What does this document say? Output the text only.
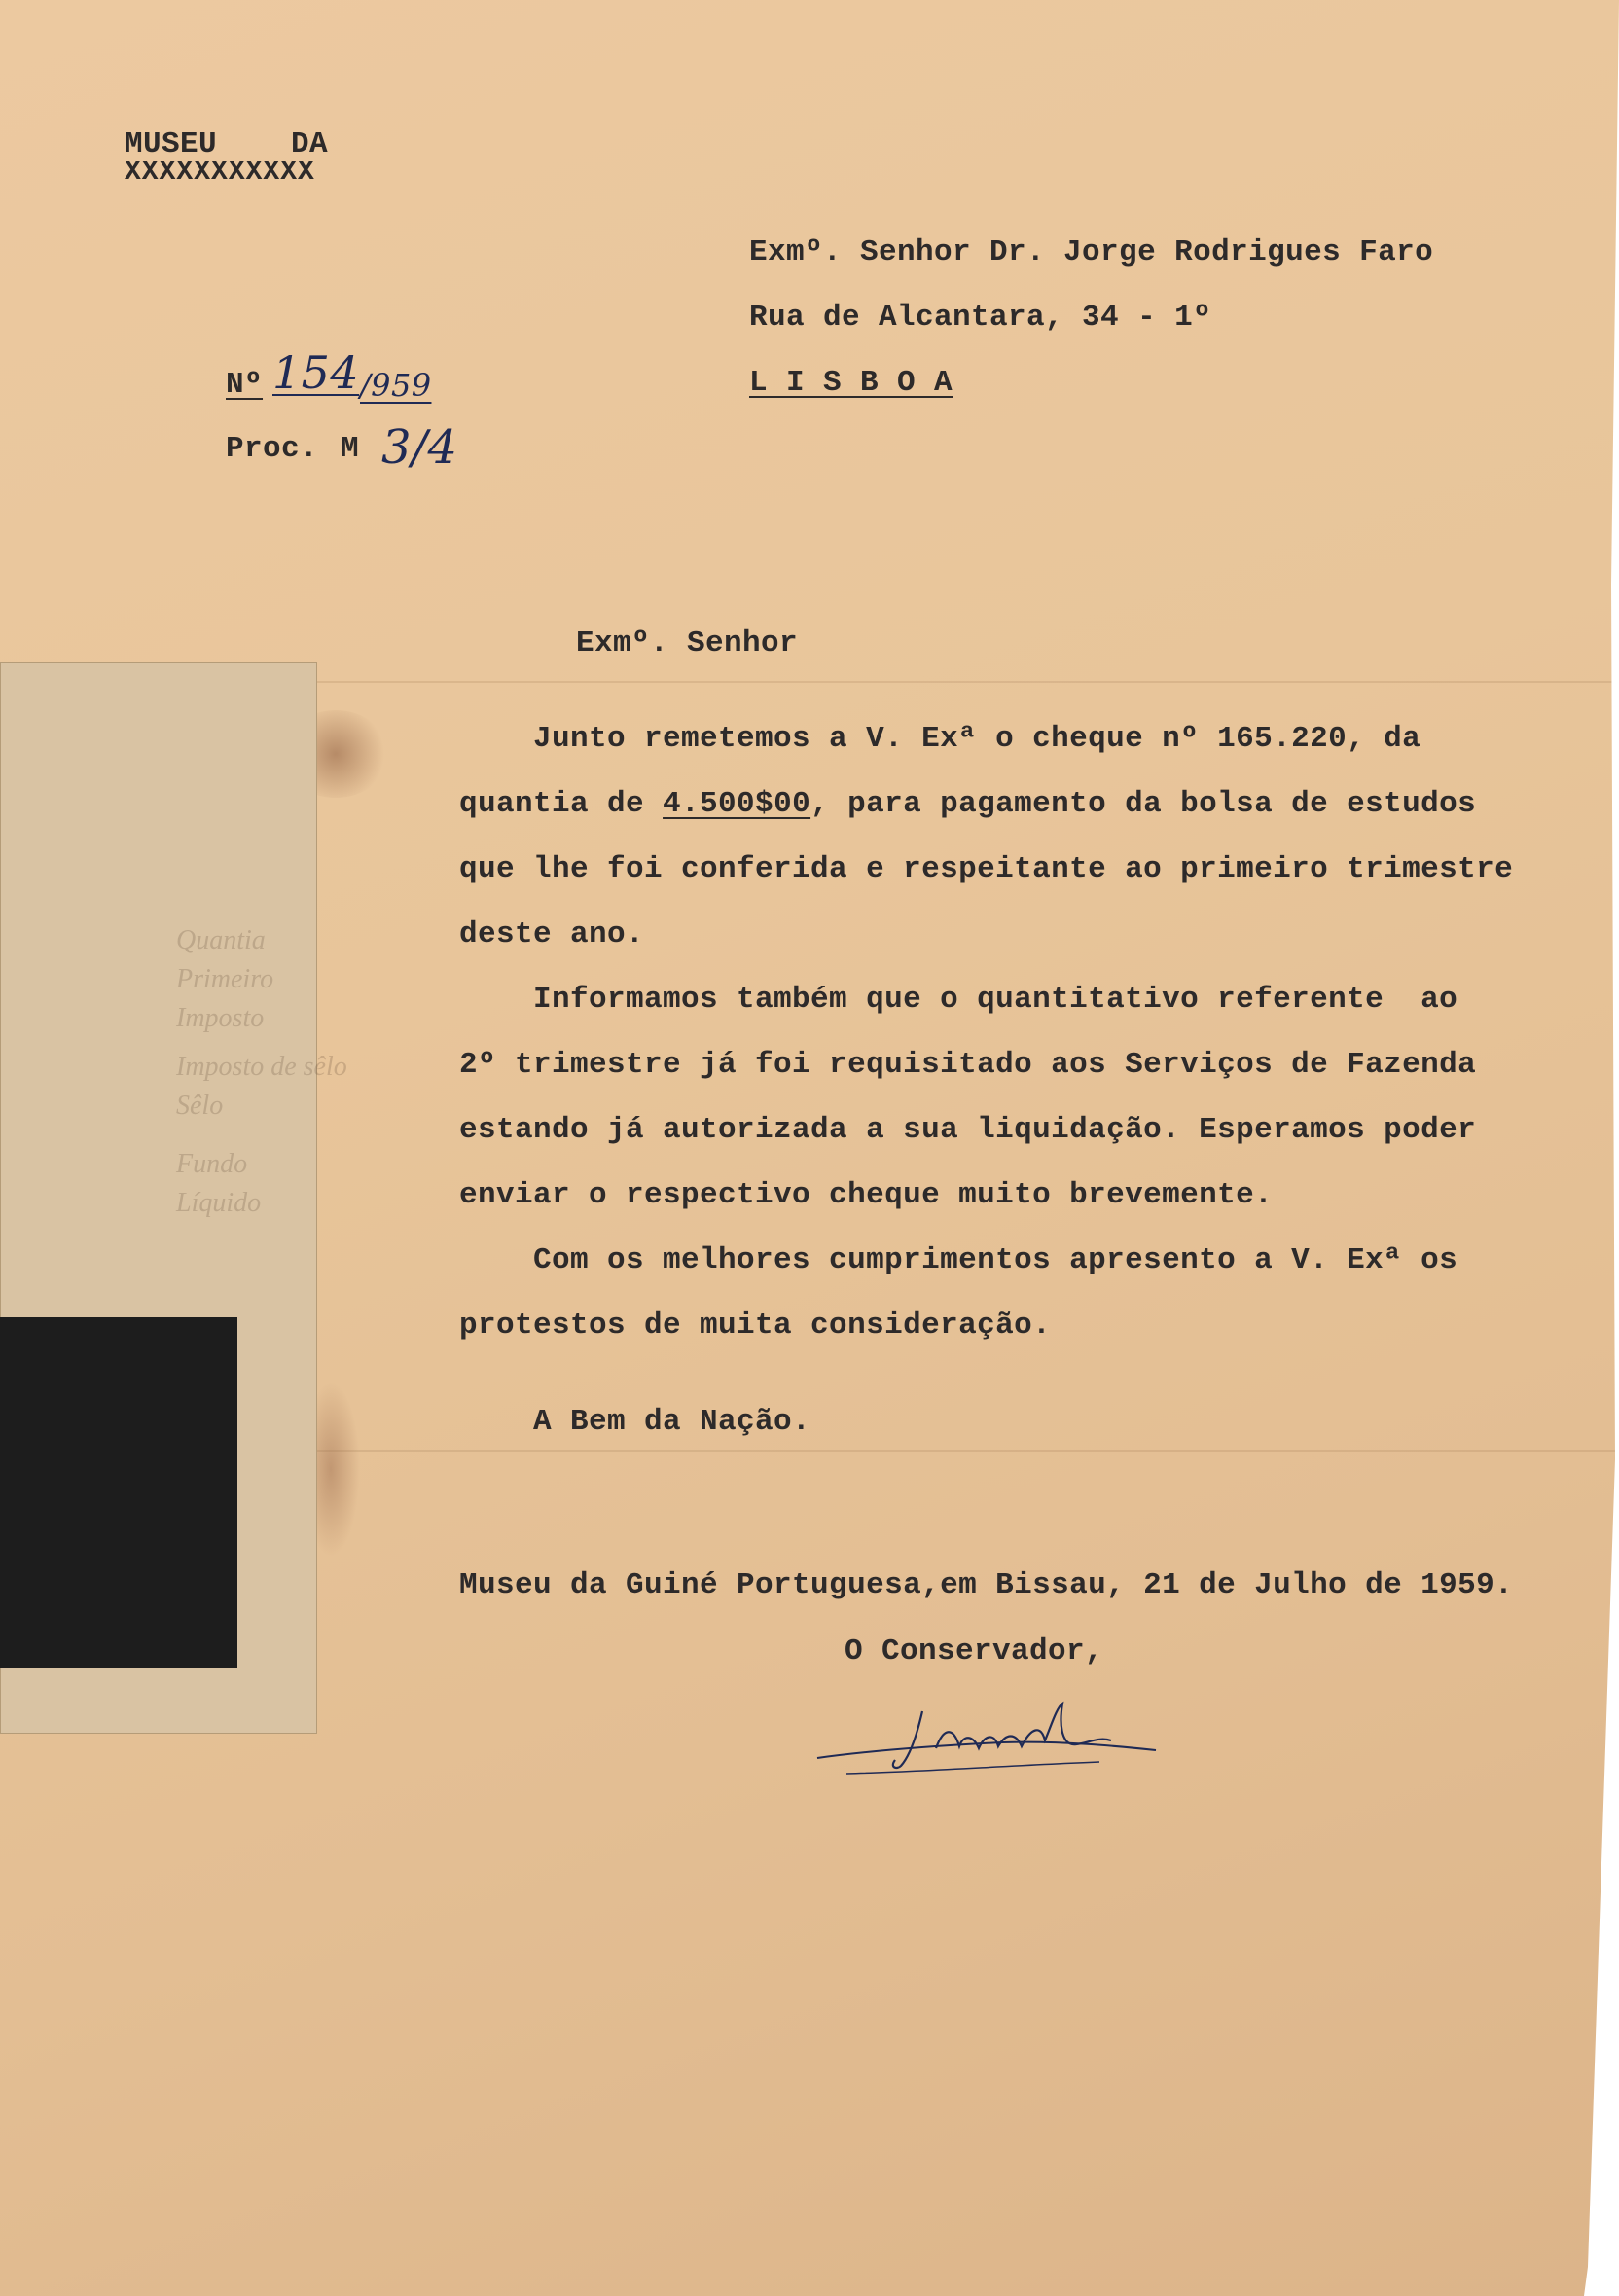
Quantia
Primeiro
Imposto
Imposto de sêlo
Sêlo
Fundo
Líquido
MUSEU    DA
XXXXXXXXXXX
Exmº. Senhor Dr. Jorge Rodrigues Faro
Rua de Alcantara, 34 - 1º
L I S B O A
Nº 154 /959
Proc. M 3/4
Exmº. Senhor
Junto remetemos a V. Exª o cheque nº 165.220, da
quantia de 4.500$00, para pagamento da bolsa de estudos
que lhe foi conferida e respeitante ao primeiro trimestre
deste ano.
Informamos também que o quantitativo referente  ao
2º trimestre já foi requisitado aos Serviços de Fazenda
estando já autorizada a sua liquidação. Esperamos poder
enviar o respectivo cheque muito brevemente.
Com os melhores cumprimentos apresento a V. Exª os
protestos de muita consideração.
A Bem da Nação.
Museu da Guiné Portuguesa,em Bissau, 21 de Julho de 1959.
O Conservador,
